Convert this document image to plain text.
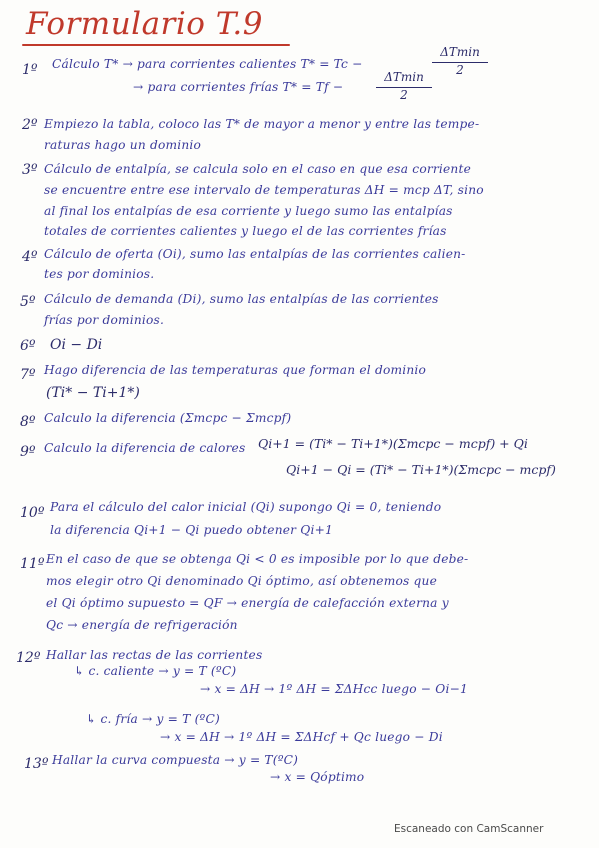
Formulario T.9
1º Cálculo T* → para corrientes calientes T* = Tc −
ΔTmin
2
→ para corrientes frías T* = Tf −
ΔTmin
2
2º Empiezo la tabla, coloco las T* de mayor a menor y entre las tempe-
raturas hago un dominio
3º Cálculo de entalpía, se calcula solo en el caso en que esa corriente
se encuentre entre ese intervalo de temperaturas ΔH = mcp ΔT, sino
al final los entalpías de esa corriente y luego sumo las entalpías
totales de corrientes calientes y luego el de las corrientes frías
4º Cálculo de oferta (Oi), sumo las entalpías de las corrientes calien-
tes por dominios.
5º Cálculo de demanda (Di), sumo las entalpías de las corrientes
frías por dominios.
6º Oi − Di
7º Hago diferencia de las temperaturas que forman el dominio
(Ti* − Ti+1*)
8º Calculo la diferencia (Σmcpc − Σmcpf)
9º Calculo la diferencia de calores Qi+1 = (Ti* − Ti+1*)(Σmcpc − mcpf) + Qi
Qi+1 − Qi = (Ti* − Ti+1*)(Σmcpc − mcpf)
10º Para el cálculo del calor inicial (Qi) supongo Qi = 0, teniendo
la diferencia Qi+1 − Qi puedo obtener Qi+1
11º En el caso de que se obtenga Qi < 0 es imposible por lo que debe-
mos elegir otro Qi denominado Qi óptimo, así obtenemos que
el Qi óptimo supuesto = QF → energía de calefacción externa y
Qc → energía de refrigeración
12º Hallar las rectas de las corrientes
↳ c. caliente → y = T (ºC)
→ x = ΔH → 1º ΔH = ΣΔHcc luego − Oi−1
↳ c. fría → y = T (ºC)
→ x = ΔH → 1º ΔH = ΣΔHcf + Qc luego − Di
13º Hallar la curva compuesta → y = T(ºC)
→ x = Qóptimo
Escaneado con CamScanner
